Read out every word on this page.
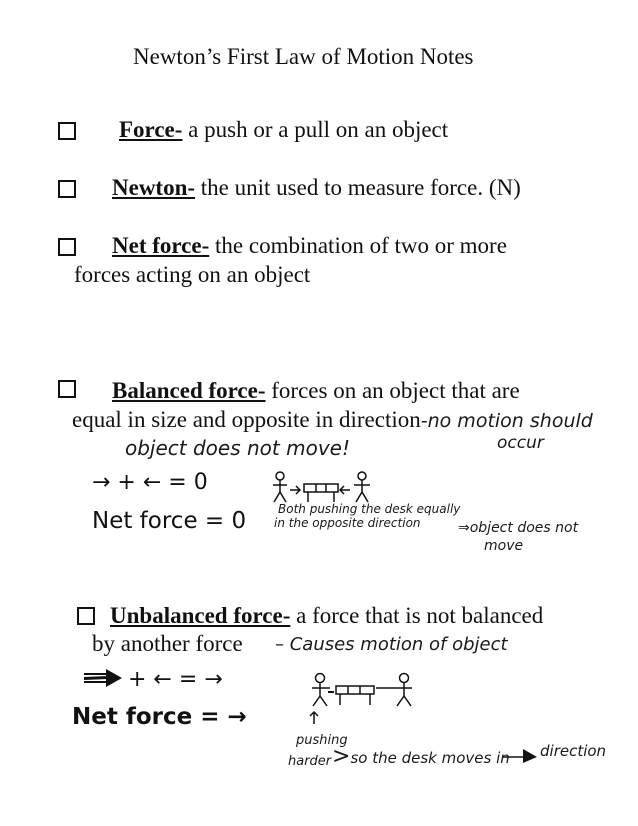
Newton’s First Law of Motion Notes
Force- a push or a pull on an object
Newton- the unit used to measure force. (N)
Net force- the combination of two or more
forces acting on an object
Balanced force- forces on an object that are
equal in size and opposite in direction-no motion should
occur
object does not move!
→ + ← = 0
Net force = 0	Both pushing the desk equally
in the opposite direction	⇒object does not
move
Unbalanced force- a force that is not balanced
by another force – Causes motion of object
+ ← = →
Net force = →
pushing
harder >so the desk moves in direction
